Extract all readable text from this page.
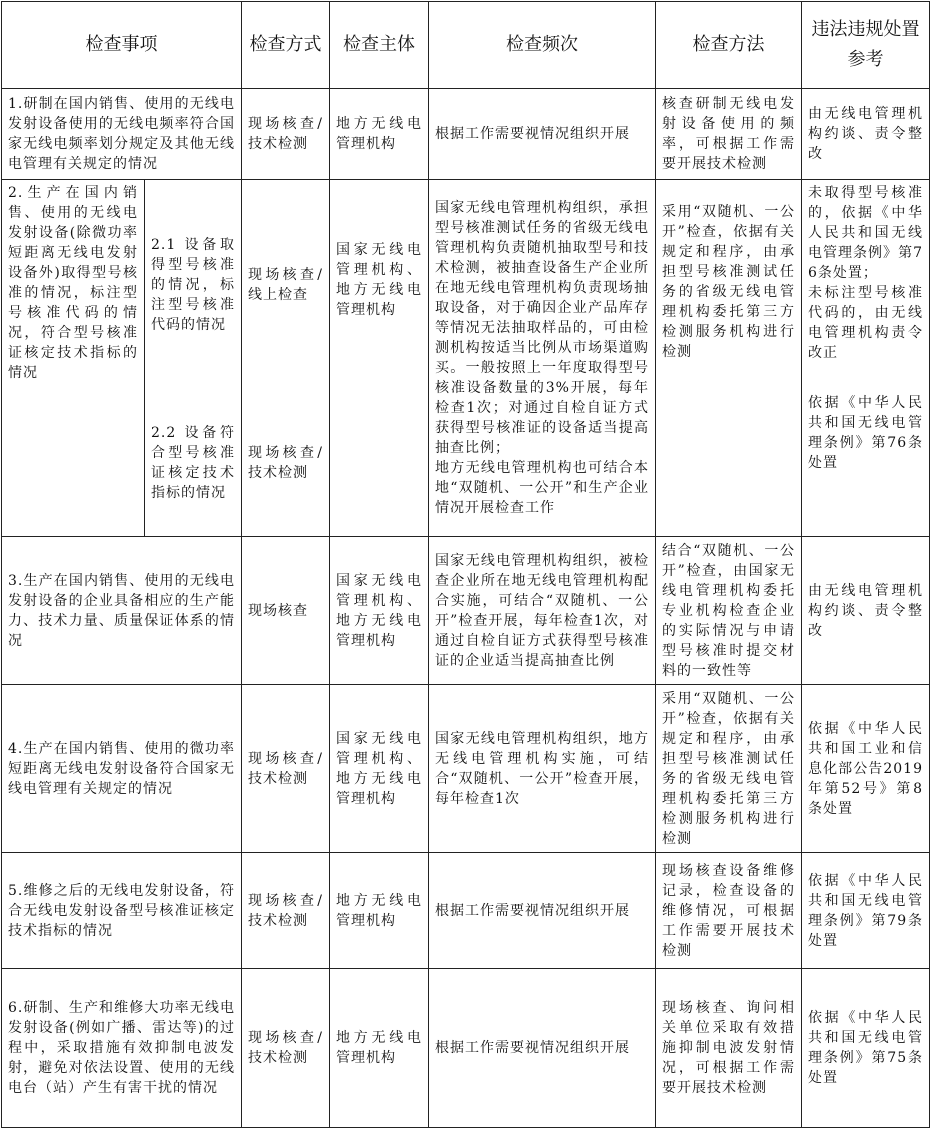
检查事项		检查方式	检查主体	检查频次	检查方法	违法违规处置参考
1.研制在国内销售、使用的无线电发射设备使用的无线电频率符合国家无线电频率划分规定及其他无线电管理有关规定的情况		现场核查/技术检测	地方无线电管理机构	根据工作需要视情况组织开展	核查研制无线电发射设备使用的频率，可根据工作需要开展技术检测	由无线电管理机构约谈、责令整改
2.生产在国内销售、使用的无线电发射设备(除微功率短距离无线电发射设备外)取得型号核准的情况，标注型号核准代码的情况，符合型号核准证核定技术指标的情况	2.1 设备取得型号核准的情况，标注型号核准代码的情况	现场核查/线上检查	国家无线电管理机构、地方无线电管理机构	国家无线电管理机构组织，承担型号核准测试任务的省级无线电管理机构负责随机抽取型号和技术检测，被抽查设备生产企业所在地无线电管理机构负责现场抽取设备，对于确因企业产品库存等情况无法抽取样品的，可由检测机构按适当比例从市场渠道购买。一般按照上一年度取得型号核准设备数量的3%开展，每年检查1次；对通过自检自证方式获得型号核准证的设备适当提高抽查比例；
地方无线电管理机构也可结合本地“双随机、一公开”和生产企业情况开展检查工作	采用“双随机、一公开”检查，依据有关规定和程序，由承担型号核准测试任务的省级无线电管理机构委托第三方检测服务机构进行检测	未取得型号核准的，依据《中华人民共和国无线电管理条例》第76条处置；
未标注型号核准代码的，由无线电管理机构责令改正
	2.2 设备符合型号核准证核定技术指标的情况	现场核查/技术检测				依据《中华人民共和国无线电管理条例》第76条处置
3.生产在国内销售、使用的无线电发射设备的企业具备相应的生产能力、技术力量、质量保证体系的情况		现场核查	国家无线电管理机构、地方无线电管理机构	国家无线电管理机构组织，被检查企业所在地无线电管理机构配合实施，可结合“双随机、一公开”检查开展，每年检查1次，对通过自检自证方式获得型号核准证的企业适当提高抽查比例	结合“双随机、一公开”检查，由国家无线电管理机构委托专业机构检查企业的实际情况与申请型号核准时提交材料的一致性等	由无线电管理机构约谈、责令整改
4.生产在国内销售、使用的微功率短距离无线电发射设备符合国家无线电管理有关规定的情况		现场核查/技术检测	国家无线电管理机构、地方无线电管理机构	国家无线电管理机构组织，地方无线电管理机构实施，可结合“双随机、一公开”检查开展，每年检查1次	采用“双随机、一公开”检查，依据有关规定和程序，由承担型号核准测试任务的省级无线电管理机构委托第三方检测服务机构进行检测	依据《中华人民共和国工业和信息化部公告2019年第52号》第8条处置
5.维修之后的无线电发射设备，符合无线电发射设备型号核准证核定技术指标的情况		现场核查/技术检测	地方无线电管理机构	根据工作需要视情况组织开展	现场核查设备维修记录，检查设备的维修情况，可根据工作需要开展技术检测	依据《中华人民共和国无线电管理条例》第79条处置
6.研制、生产和维修大功率无线电发射设备(例如广播、雷达等)的过程中，采取措施有效抑制电波发射，避免对依法设置、使用的无线电台（站）产生有害干扰的情况		现场核查/技术检测	地方无线电管理机构	根据工作需要视情况组织开展	现场核查、询问相关单位采取有效措施抑制电波发射情况，可根据工作需要开展技术检测	依据《中华人民共和国无线电管理条例》第75条处置
